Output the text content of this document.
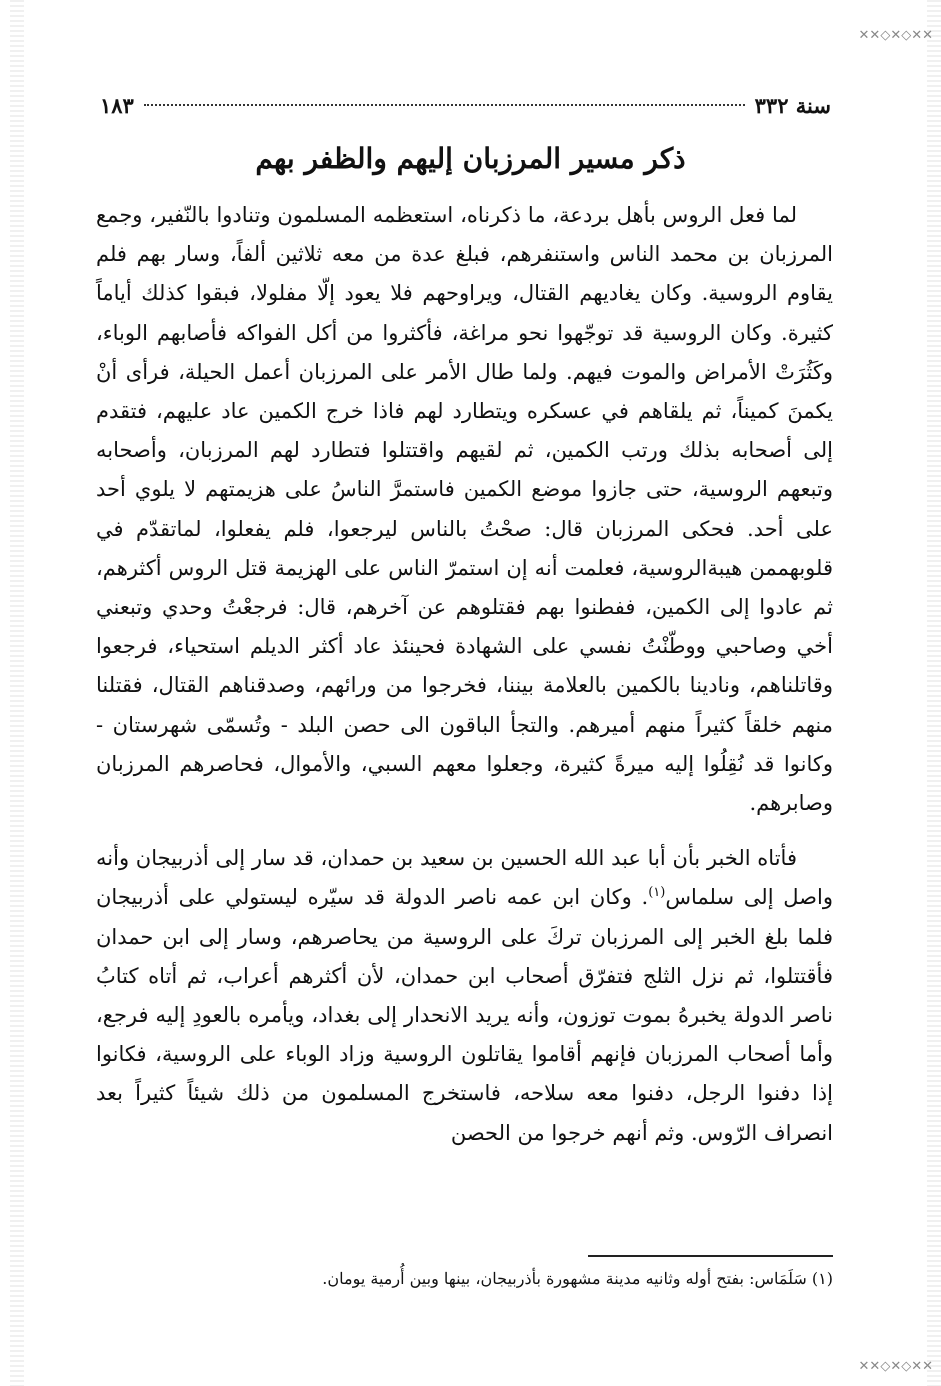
✕✕◇✕◇✕✕
سنة ٣٣٢
١٨٣
ذكر مسير المرزبان إليهم والظفر بهم

لما فعل الروس بأهل بردعة، ما ذكرناه، استعظمه المسلمون وتنادوا بالنّفير، وجمع المرزبان بن محمد الناس واستنفرهم، فبلغ عدة من معه ثلاثين ألفاً، وسار بهم فلم يقاوم الروسية. وكان يغاديهم القتال، ويراوحهم فلا يعود إلّا مفلولا، فبقوا كذلك أياماً كثيرة. وكان الروسية قد توجّهوا نحو مراغة، فأكثروا من أكل الفواكه فأصابهم الوباء، وكَثُرَتْ الأمراض والموت فيهم. ولما طال الأمر على المرزبان أعمل الحيلة، فرأى أنْ يكمنَ كميناً، ثم يلقاهم في عسكره ويتطارد لهم فاذا خرج الكمين عاد عليهم، فتقدم إلى أصحابه بذلك ورتب الكمين، ثم لقيهم واقتتلوا فتطارد لهم المرزبان، وأصحابه وتبعهم الروسية، حتى جازوا موضع الكمين فاستمرَّ الناسُ على هزيمتهم لا يلوي أحد على أحد. فحكى المرزبان قال: صحْتُ بالناس ليرجعوا، فلم يفعلوا، لماتقدّم في قلوبهممن هيبةالروسية، فعلمت أنه إن استمرّ الناس على الهزيمة قتل الروس أكثرهم، ثم عادوا إلى الكمين، ففطنوا بهم فقتلوهم عن آخرهم، قال: فرجعْتُ وحدي وتبعني أخي وصاحبي ووطّنْتُ نفسي على الشهادة فحينئذ عاد أكثر الديلم استحياء، فرجعوا وقاتلناهم، ونادينا بالكمين بالعلامة بيننا، فخرجوا من ورائهم، وصدقناهم القتال، فقتلنا منهم خلقاً كثيراً منهم أميرهم. والتجأ الباقون الى حصن البلد - وتُسمّى شهرستان - وكانوا قد نُقِلُوا إليه ميرةً كثيرة، وجعلوا معهم السبي، والأموال، فحاصرهم المرزبان وصابرهم.

فأتاه الخبر بأن أبا عبد الله الحسين بن سعيد بن حمدان، قد سار إلى أذربيجان وأنه واصل إلى سلماس$^{(١)}$. وكان ابن عمه ناصر الدولة قد سيّره ليستولي على أذربيجان فلما بلغ الخبر إلى المرزبان تركَ على الروسية من يحاصرهم، وسار إلى ابن حمدان فأقتتلوا، ثم نزل الثلج فتفرّق أصحاب ابن حمدان، لأن أكثرهم أعراب، ثم أتاه كتابُ ناصر الدولة يخبرهُ بموت توزون، وأنه يريد الانحدار إلى بغداد، ويأمره بالعودِ إليه فرجع، وأما أصحاب المرزبان فإنهم أقاموا يقاتلون الروسية وزاد الوباء على الروسية، فكانوا إذا دفنوا الرجل، دفنوا معه سلاحه، فاستخرج المسلمون من ذلك شيئاً كثيراً بعد انصراف الرّوس. وثم أنهم خرجوا من الحصن

(١) سَلَمَاس: بفتح أوله وثانيه مدينة مشهورة بأذربيجان، بينها وبين أُرمية يومان.
✕✕◇✕◇✕✕
